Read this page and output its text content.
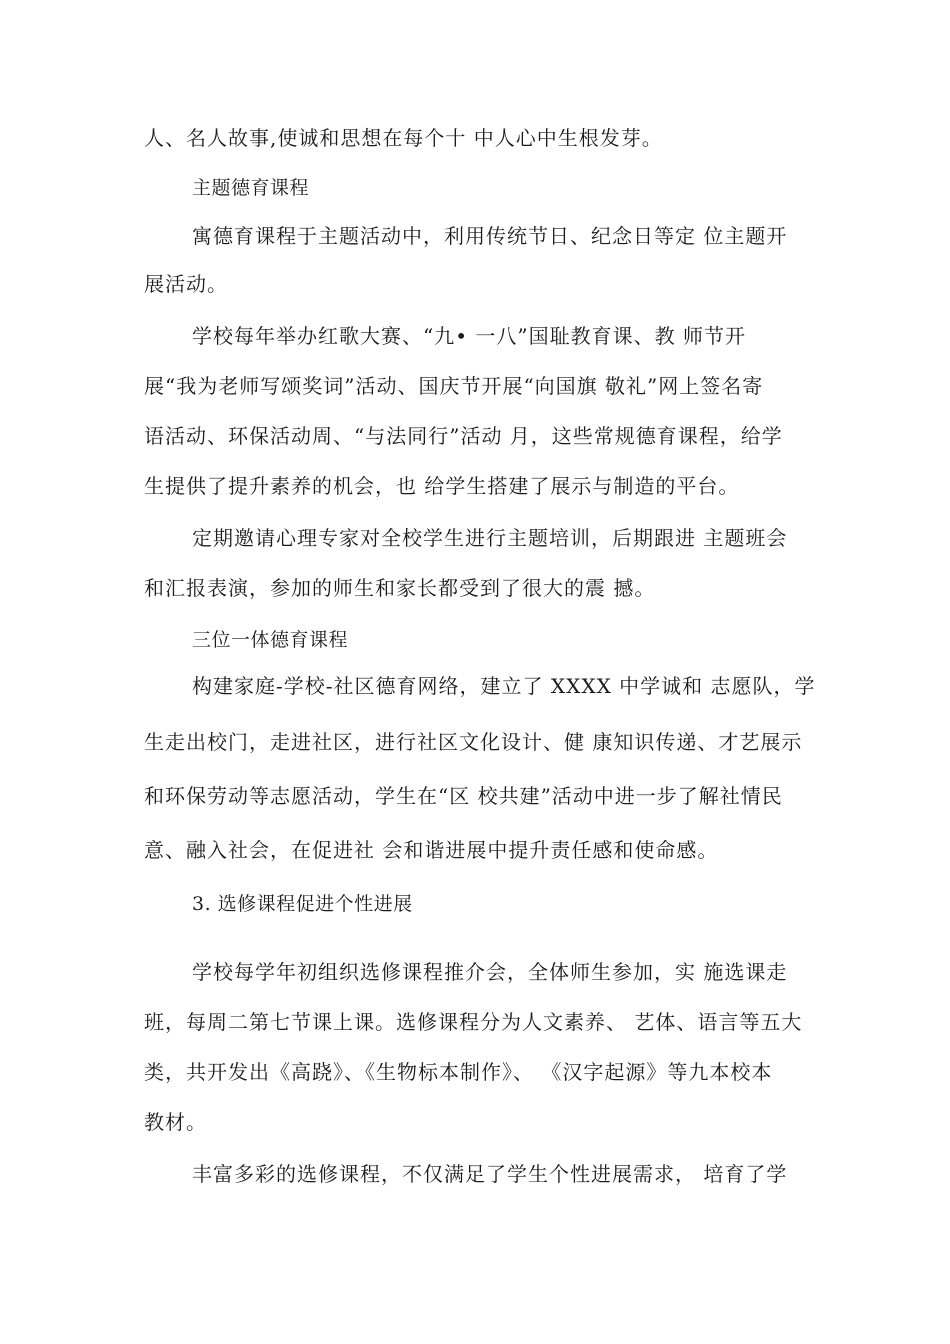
人、名人故事,使诚和思想在每个十 中人心中生根发芽。
主题德育课程
寓德育课程于主题活动中，利用传统节日、纪念日等定 位主题开
展活动。
学校每年举办红歌大赛、“九• 一八”国耻教育课、教 师节开
展“我为老师写颂奖词”活动、国庆节开展“向国旗 敬礼”网上签名寄
语活动、环保活动周、“与法同行”活动 月，这些常规德育课程，给学
生提供了提升素养的机会，也 给学生搭建了展示与制造的平台。
定期邀请心理专家对全校学生进行主题培训，后期跟进 主题班会
和汇报表演，参加的师生和家长都受到了很大的震 撼。
三位一体德育课程
构建家庭-学校-社区德育网络，建立了 XXXX 中学诚和 志愿队，学
生走出校门，走进社区，进行社区文化设计、健 康知识传递、才艺展示
和环保劳动等志愿活动，学生在“区 校共建”活动中进一步了解社情民
意、融入社会，在促进社 会和谐进展中提升责任感和使命感。
3. 选修课程促进个性进展
学校每学年初组织选修课程推介会，全体师生参加，实 施选课走
班，每周二第七节课上课。选修课程分为人文素养、 艺体、语言等五大
类，共开发出《高跷》、《生物标本制作》、 《汉字起源》等九本校本
教材。
丰富多彩的选修课程，不仅满足了学生个性进展需求， 培育了学
